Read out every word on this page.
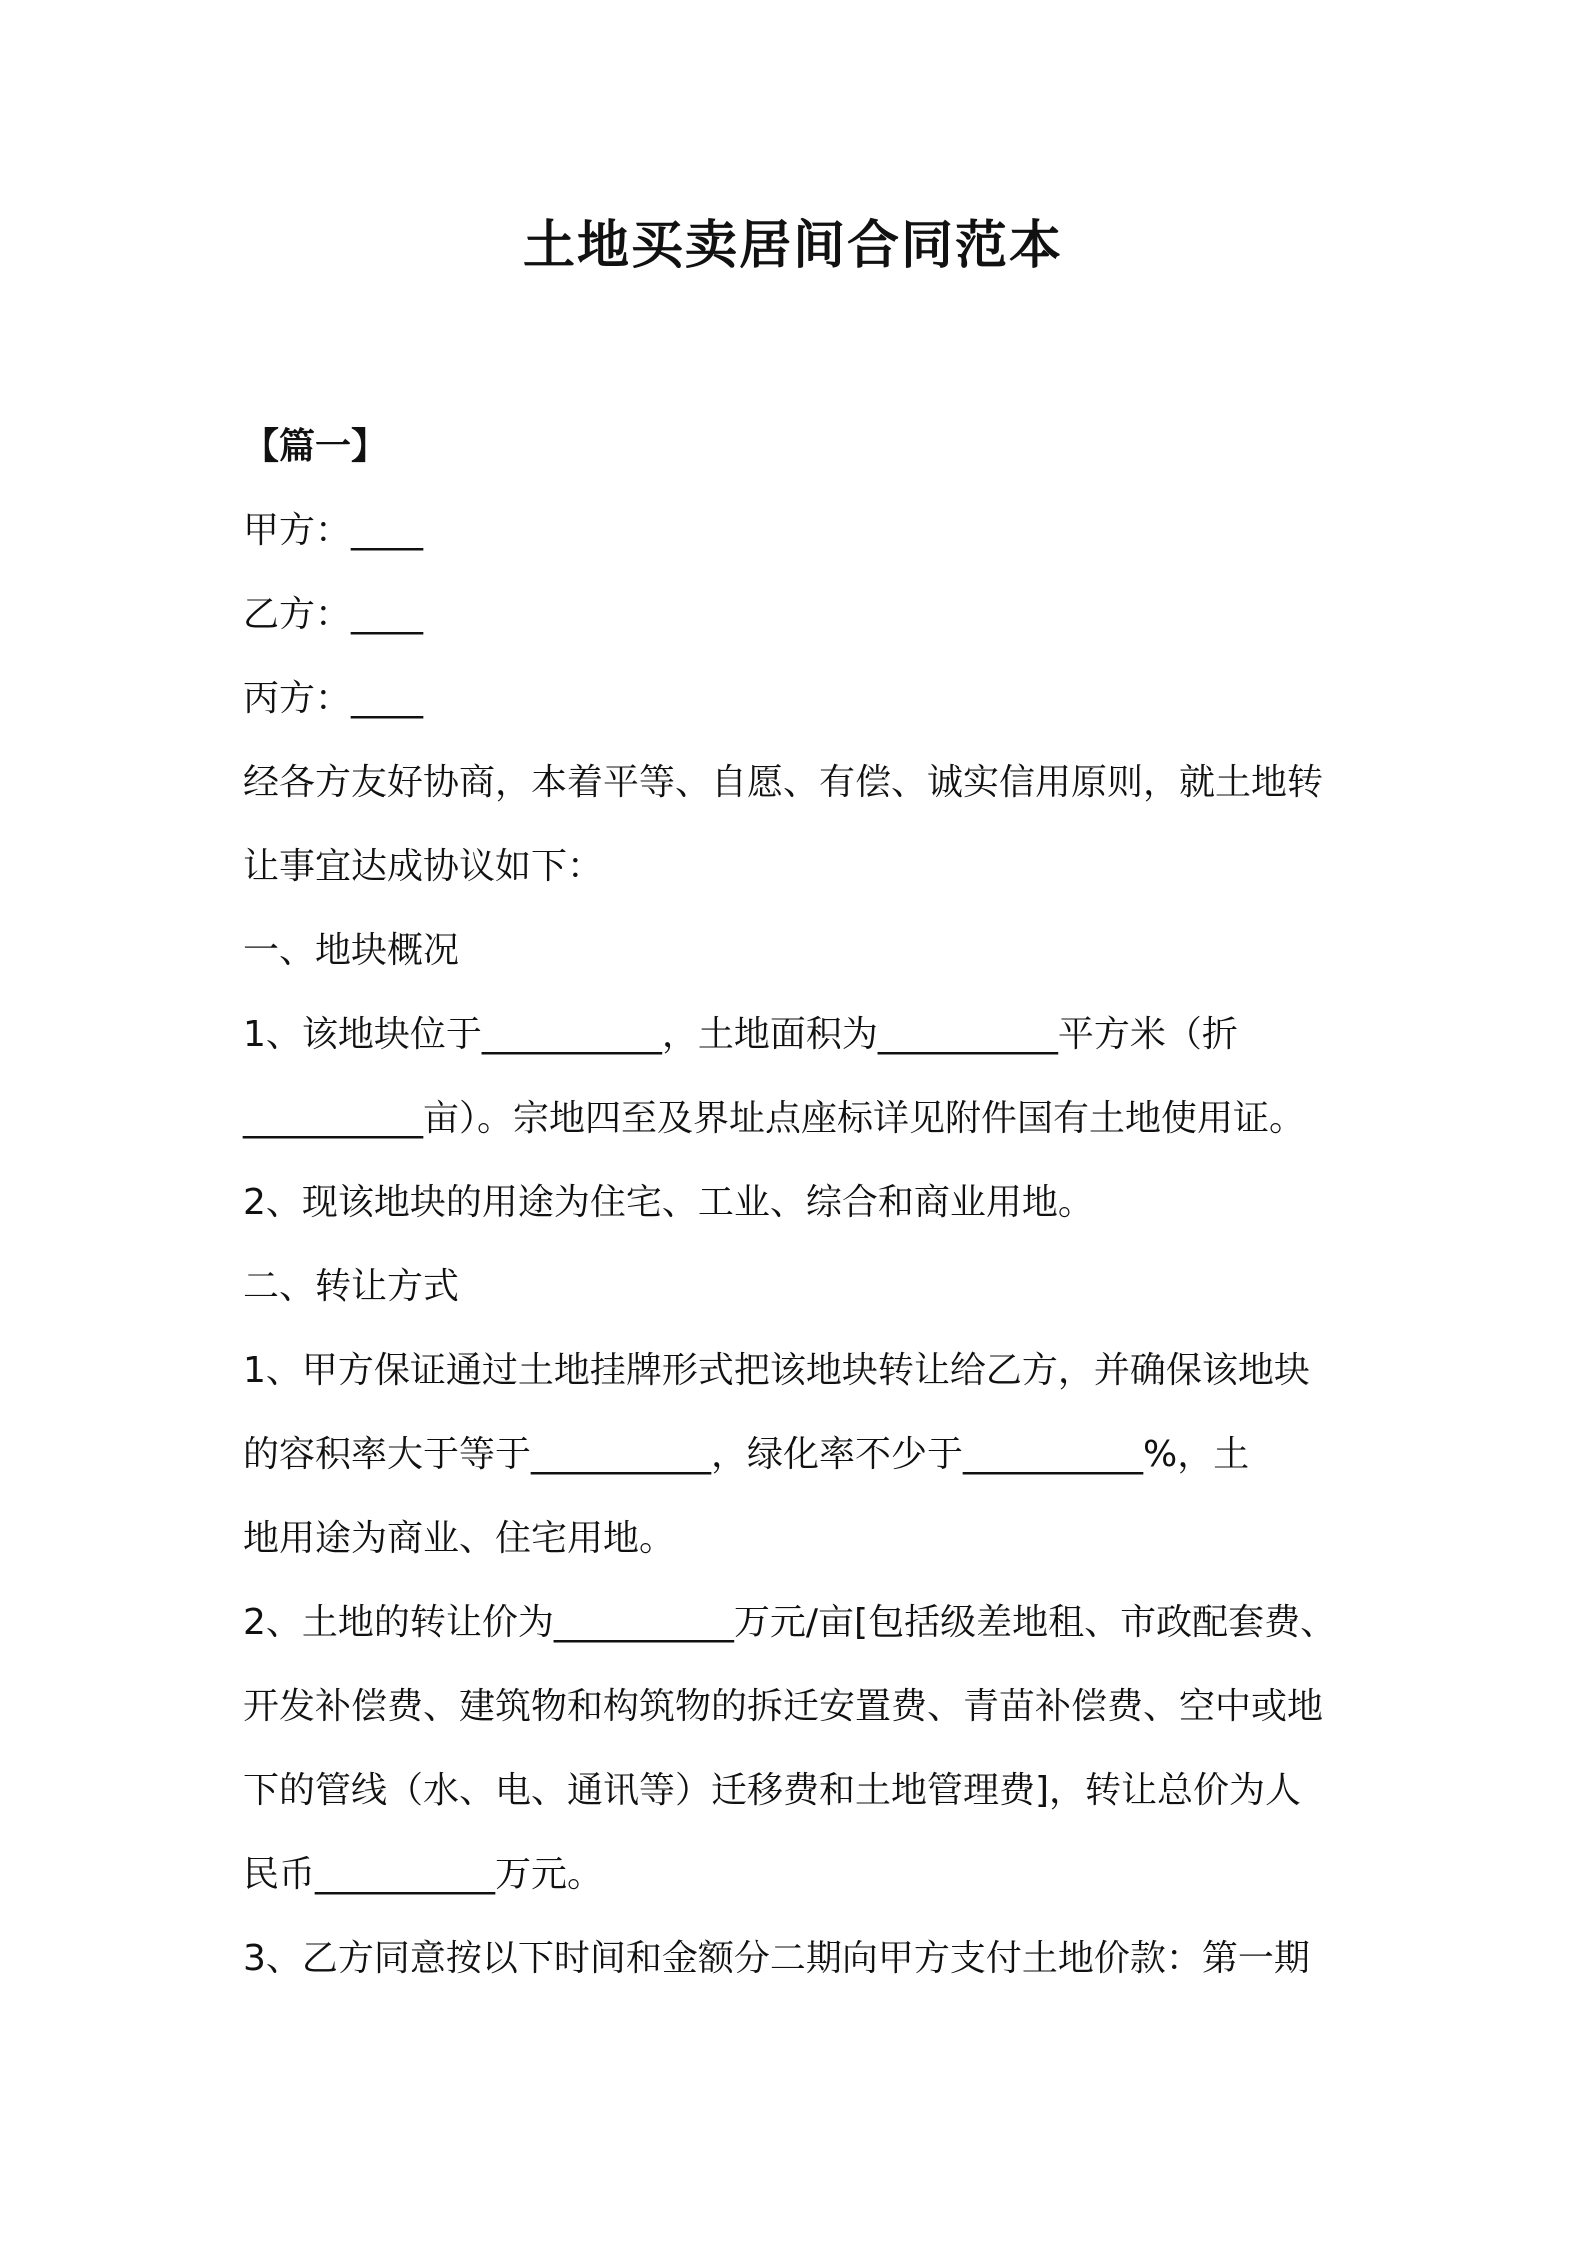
土地买卖居间合同范本

【篇一】

甲方：____

乙方：____

丙方：____

经各方友好协商，本着平等、自愿、有偿、诚实信用原则，就土地转

让事宜达成协议如下：

一、地块概况

1、该地块位于__________，土地面积为__________平方米（折

__________亩）。宗地四至及界址点座标详见附件国有土地使用证。

2、现该地块的用途为住宅、工业、综合和商业用地。

二、转让方式

1、甲方保证通过土地挂牌形式把该地块转让给乙方，并确保该地块

的容积率大于等于__________，绿化率不少于__________%，土

地用途为商业、住宅用地。

2、土地的转让价为__________万元/亩[包括级差地租、市政配套费、

开发补偿费、建筑物和构筑物的拆迁安置费、青苗补偿费、空中或地

下的管线（水、电、通讯等）迁移费和土地管理费]，转让总价为人

民币__________万元。

3、乙方同意按以下时间和金额分二期向甲方支付土地价款：第一期
